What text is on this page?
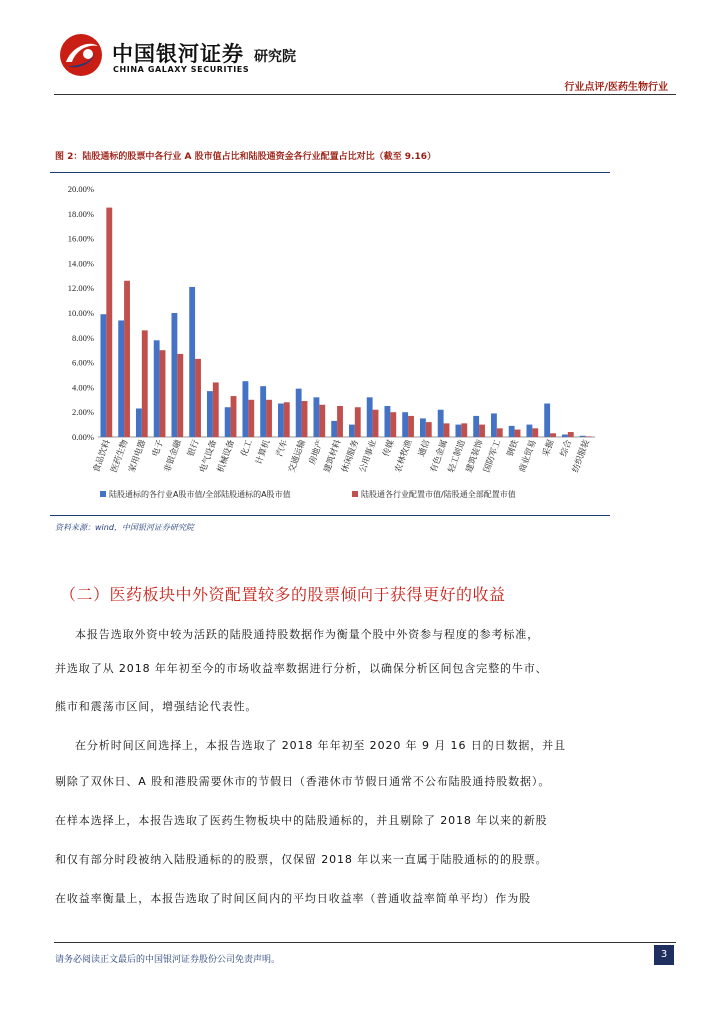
中国银河证券
CHINA GALAXY SECURITIES
研究院
行业点评/医药生物行业
图 2：陆股通标的股票中各行业 A 股市值占比和陆股通资金各行业配置占比对比（截至 9.16）
0.00%
2.00%
4.00%
6.00%
8.00%
10.00%
12.00%
14.00%
16.00%
18.00%
20.00%
食品饮料
医药生物
家用电器 电子
非银金融 银行
电气设备
机械设备 化工 计算机 汽车
交通运输 房地产
建筑材料
休闲服务
公用事业 传媒
农林牧渔 通信
有色金属
轻工制造
建筑装饰
国防军工 钢铁
商业贸易 采掘 综合
纺织服装
陆股通标的各行业A股市值/全部陆股通标的A股市值	陆股通各行业配置市值/陆股通全部配置市值
资料来源：wind，中国银河证券研究院
（二）医药板块中外资配置较多的股票倾向于获得更好的收益
本报告选取外资中较为活跃的陆股通持股数据作为衡量个股中外资参与程度的参考标准，
并选取了从 2018 年年初至今的市场收益率数据进行分析，以确保分析区间包含完整的牛市、
熊市和震荡市区间，增强结论代表性。
在分析时间区间选择上，本报告选取了 2018 年年初至 2020 年 9 月 16 日的日数据，并且
剔除了双休日、A 股和港股需要休市的节假日（香港休市节假日通常不公布陆股通持股数据）。
在样本选择上，本报告选取了医药生物板块中的陆股通标的，并且剔除了 2018 年以来的新股
和仅有部分时段被纳入陆股通标的的股票，仅保留 2018 年以来一直属于陆股通标的的股票。
在收益率衡量上，本报告选取了时间区间内的平均日收益率（普通收益率简单平均）作为股
请务必阅读正文最后的中国银河证券股份公司免责声明。	3
